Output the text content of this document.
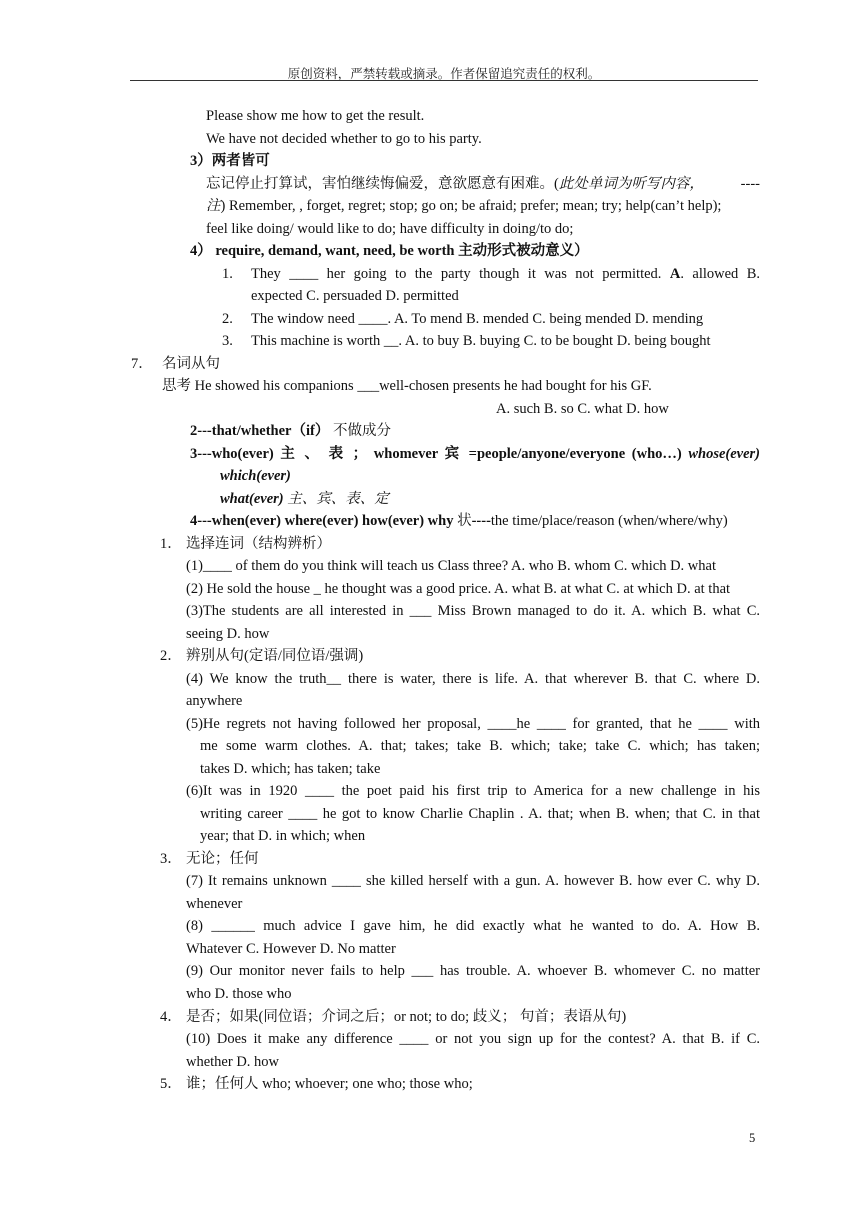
原创资料，严禁转载或摘录。作者保留追究责任的权利。
Please show me how to get the result.
We have not decided whether to go to his party.
3）两者皆可
忘记停止打算试，害怕继续悔偏爱，意欲愿意有困难。(此处单词为听写内容，	----
注) Remember, , forget, regret; stop; go on; be afraid; prefer; mean; try; help(can’t help);
feel like doing/ would like to do; have difficulty in doing/to do;
4） require, demand, want, need, be worth 主动形式被动意义）
1. They ____ her going to the party though it was not permitted. A. allowed B.
expected C. persuaded D. permitted
2. The window need ____. A. To mend B. mended C. being mended D. mending
3. This machine is worth __. A. to buy B. buying C. to be bought D. being bought
7． 名词从句
思考 He showed his companions ___well-chosen presents he had bought for his GF.
A. such B. so C. what D. how
2---that/whether（if） 不做成分
3---who(ever) 主 、 表 ； whomever 宾 =people/anyone/everyone (who…) whose(ever)
which(ever)
what(ever) 主、宾、表、定
4---when(ever) where(ever) how(ever) why 状----the time/place/reason (when/where/why)
1． 选择连词（结构辨析）
(1)____ of them do you think will teach us Class three? A. who B. whom C. which D. what
(2) He sold the house _ he thought was a good price. A. what B. at what C. at which D. at that
(3)The students are all interested in ___ Miss Brown managed to do it. A. which B. what C.
seeing D. how
2． 辨别从句(定语/同位语/强调)
(4) We know the truth__ there is water, there is life. A. that wherever B. that C. where D.
anywhere
(5)He regrets not having followed her proposal, ____he ____ for granted, that he ____ with
me some warm clothes. A. that; takes; take B. which; take; take C. which; has taken;
takes D. which; has taken; take
(6)It was in 1920 ____ the poet paid his first trip to America for a new challenge in his
writing career ____ he got to know Charlie Chaplin . A. that; when B. when; that C. in that
year; that D. in which; when
3． 无论；任何
(7) It remains unknown ____ she killed herself with a gun. A. however B. how ever C. why D.
whenever
(8) ______ much advice I gave him, he did exactly what he wanted to do. A. How B.
Whatever C. However D. No matter
(9) Our monitor never fails to help ___ has trouble. A. whoever B. whomever C. no matter
who D. those who
4． 是否；如果(同位语；介词之后；or not; to do; 歧义； 句首；表语从句)
(10) Does it make any difference ____ or not you sign up for the contest? A. that B. if C.
whether D. how
5． 谁；任何人 who; whoever; one who; those who;
5
